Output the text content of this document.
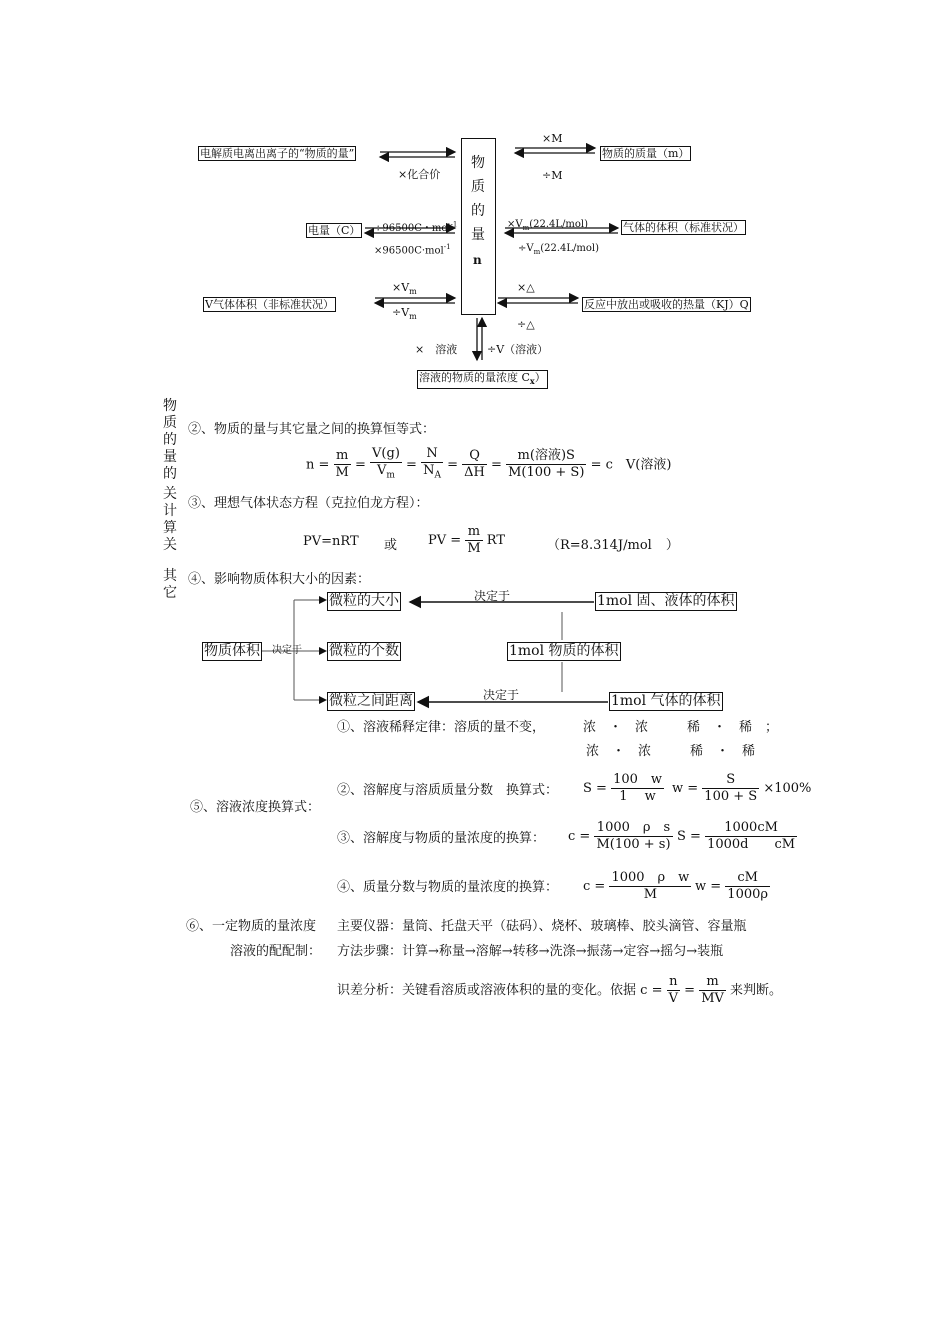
电解质电离出离子的“物质的量”
×化合价
物质的量
n
×M
÷M
物质的质量（m）
电量（C） ÷96500C・mol$^{-1}$
×96500C·mol$^{-1}$
$\times V_m(22.4L/mol)$
$\div V_m(22.4L/mol)$
气体的体积（标准状况）
V气体体积（非标准状况）
$\times V_m$
$\div V_m$
×△
÷△
反应中放出或吸收的热量（KJ）Q
×　溶液	÷V（溶液）
溶液的物质的量浓度 $C_x$）
物质的量的
关计算关
其它
②、物质的量与其它量之间的换算恒等式：
$n = \frac{m}{M} = \frac{V(g)}{V_m} = \frac{N}{N_A} = \frac{Q}{\Delta H} = \frac{\text{m(溶液)S}}{M(100 + S)} = c$　V(溶液)
③、理想气体状态方程（克拉伯龙方程）：
PV=nRT 或 PV = $\frac{m}{M}$ RT	（R=8.314J/mol ）
④、影响物质体积大小的因素：
决定于
决定于
决定于
物质体积
微粒的大小
微粒的个数
微粒之间距离
1mol 固、液体的体积
1mol 物质的体积
1mol 气体的体积
⑤、溶液浓度换算式：
①、溶液稀释定律：溶质的量不变，	浓　・　浓　　　稀　・　稀　；
浓　・　浓　　　稀　・　稀
②、溶解度与溶质质量分数　换算式： $S = \frac{100 w}{1 w}$ $w = \frac{S}{100 + S} \times 100\%$
③、溶解度与物质的量浓度的换算： $c = \frac{\text{1000　ρ　s}}{M(100 + s)}$ $S = \frac{1000cM}{\text{1000d　　cM}}$
④、质量分数与物质的量浓度的换算： $c = \frac{\text{1000　ρ　w}}{M}$ $w = \frac{cM}{1000\rho}$
⑥、一定物质的量浓度
溶液的配配制：
主要仪器：量筒、托盘天平（砝码）、烧杯、玻璃棒、胶头滴管、容量瓶
方法步骤：计算→称量→溶解→转移→洗涤→振荡→定容→摇匀→装瓶
识差分析：关键看溶质或溶液体积的量的变化。依据 $c = \frac{n}{V} = \frac{m}{MV}$ 来判断。
